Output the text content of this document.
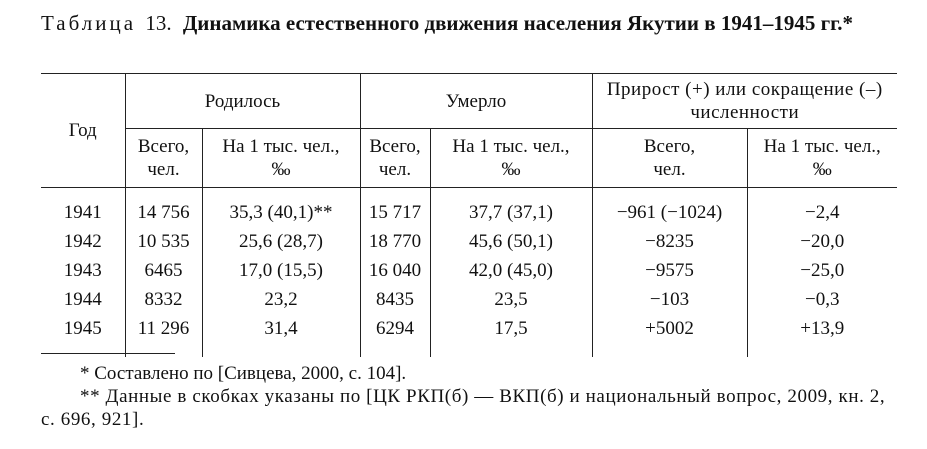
Таблица 13. Динамика естественного движения населения Якутии в 1941–1945 гг.*
Год	Родилось		Умерло		Прирост (+) или сокращение (–) численности	
	Всего, чел.	На 1 тыс. чел., ‰	Всего, чел.	На 1 тыс. чел., ‰	Всего, чел.	На 1 тыс. чел., ‰
1941	14 756	35,3 (40,1)**	15 717	37,7 (37,1)	−961 (−1024)	−2,4
1942	10 535	25,6 (28,7)	18 770	45,6 (50,1)	−8235	−20,0
1943	6465	17,0 (15,5)	16 040	42,0 (45,0)	−9575	−25,0
1944	8332	23,2	8435	23,5	−103	−0,3
1945	11 296	31,4	6294	17,5	+5002	+13,9

* Составлено по [Сивцева, 2000, с. 104].

** Данные в скобках указаны по [ЦК РКП(б) — ВКП(б) и национальный вопрос, 2009, кн. 2, с. 696, 921].
